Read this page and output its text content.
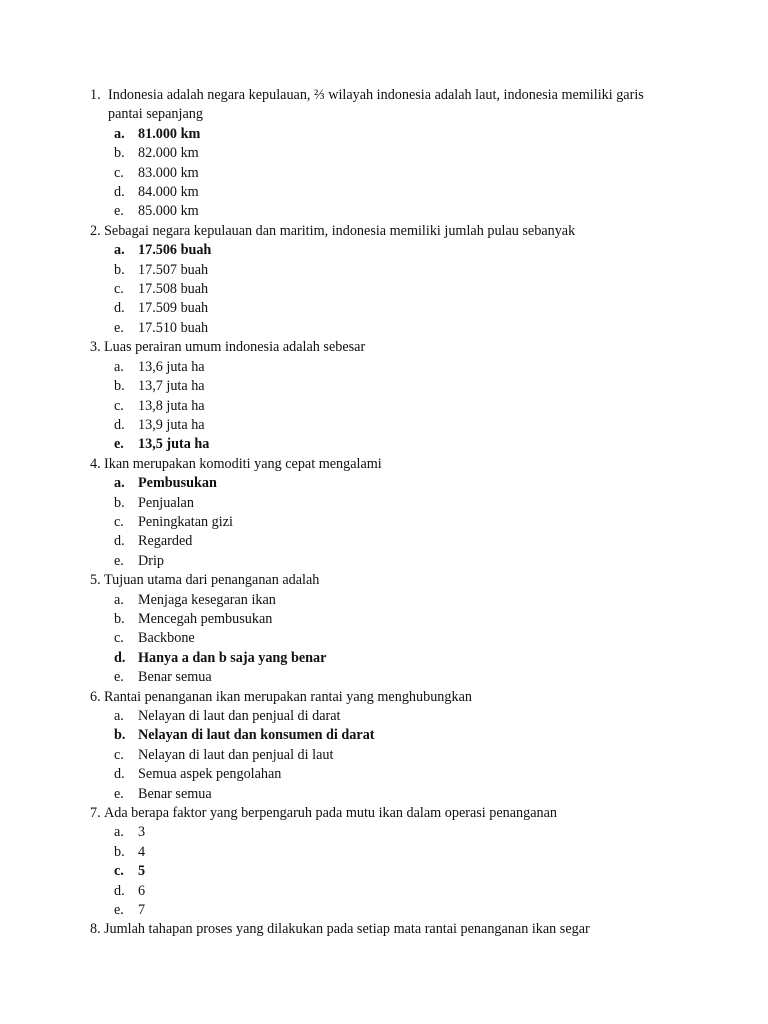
1. Indonesia adalah negara kepulauan, ⅔ wilayah indonesia adalah laut, indonesia memiliki garis pantai sepanjang
a. 81.000 km
b. 82.000 km
c. 83.000 km
d. 84.000 km
e. 85.000 km
2. Sebagai negara kepulauan dan maritim, indonesia memiliki jumlah pulau sebanyak
a. 17.506 buah
b. 17.507 buah
c. 17.508 buah
d. 17.509 buah
e. 17.510 buah
3. Luas perairan umum indonesia adalah sebesar
a. 13,6 juta ha
b. 13,7 juta ha
c. 13,8 juta ha
d. 13,9 juta ha
e. 13,5 juta ha
4. Ikan merupakan komoditi yang cepat mengalami
a. Pembusukan
b. Penjualan
c. Peningkatan gizi
d. Regarded
e. Drip
5. Tujuan utama dari penanganan adalah
a. Menjaga kesegaran ikan
b. Mencegah pembusukan
c. Backbone
d. Hanya a dan b saja yang benar
e. Benar semua
6. Rantai penanganan ikan merupakan rantai yang menghubungkan
a. Nelayan di laut dan penjual di darat
b. Nelayan di laut dan konsumen di darat
c. Nelayan di laut dan penjual di laut
d. Semua aspek pengolahan
e. Benar semua
7. Ada berapa faktor yang berpengaruh pada mutu ikan dalam operasi penanganan
a. 3
b. 4
c. 5
d. 6
e. 7
8. Jumlah tahapan proses yang dilakukan pada setiap mata rantai penanganan ikan segar
